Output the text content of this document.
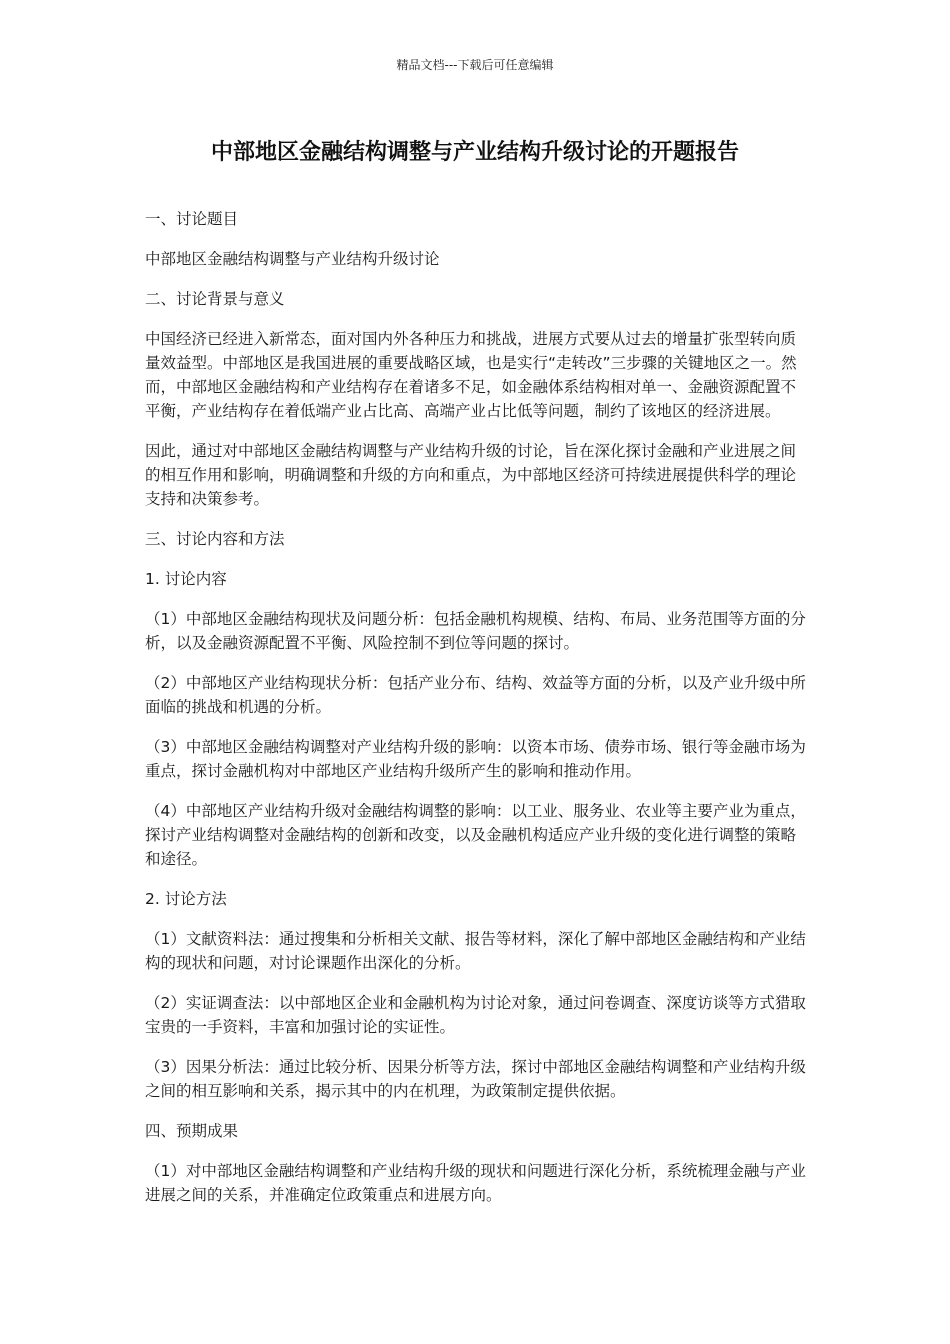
精品文档---下载后可任意编辑
中部地区金融结构调整与产业结构升级讨论的开题报告

一、讨论题目

中部地区金融结构调整与产业结构升级讨论

二、讨论背景与意义

中国经济已经进入新常态，面对国内外各种压力和挑战，进展方式要从过去的增量扩张型转向质量效益型。中部地区是我国进展的重要战略区域，也是实行“走转改”三步骤的关键地区之一。然而，中部地区金融结构和产业结构存在着诸多不足，如金融体系结构相对单一、金融资源配置不平衡，产业结构存在着低端产业占比高、高端产业占比低等问题，制约了该地区的经济进展。

因此，通过对中部地区金融结构调整与产业结构升级的讨论，旨在深化探讨金融和产业进展之间的相互作用和影响，明确调整和升级的方向和重点，为中部地区经济可持续进展提供科学的理论支持和决策参考。

三、讨论内容和方法

1. 讨论内容

（1）中部地区金融结构现状及问题分析：包括金融机构规模、结构、布局、业务范围等方面的分析，以及金融资源配置不平衡、风险控制不到位等问题的探讨。

（2）中部地区产业结构现状分析：包括产业分布、结构、效益等方面的分析，以及产业升级中所面临的挑战和机遇的分析。

（3）中部地区金融结构调整对产业结构升级的影响：以资本市场、债券市场、银行等金融市场为重点，探讨金融机构对中部地区产业结构升级所产生的影响和推动作用。

（4）中部地区产业结构升级对金融结构调整的影响：以工业、服务业、农业等主要产业为重点，探讨产业结构调整对金融结构的创新和改变，以及金融机构适应产业升级的变化进行调整的策略和途径。

2. 讨论方法

（1）文献资料法：通过搜集和分析相关文献、报告等材料，深化了解中部地区金融结构和产业结构的现状和问题，对讨论课题作出深化的分析。

（2）实证调查法：以中部地区企业和金融机构为讨论对象，通过问卷调查、深度访谈等方式猎取宝贵的一手资料，丰富和加强讨论的实证性。

（3）因果分析法：通过比较分析、因果分析等方法，探讨中部地区金融结构调整和产业结构升级之间的相互影响和关系，揭示其中的内在机理，为政策制定提供依据。

四、预期成果

（1）对中部地区金融结构调整和产业结构升级的现状和问题进行深化分析，系统梳理金融与产业进展之间的关系，并准确定位政策重点和进展方向。
